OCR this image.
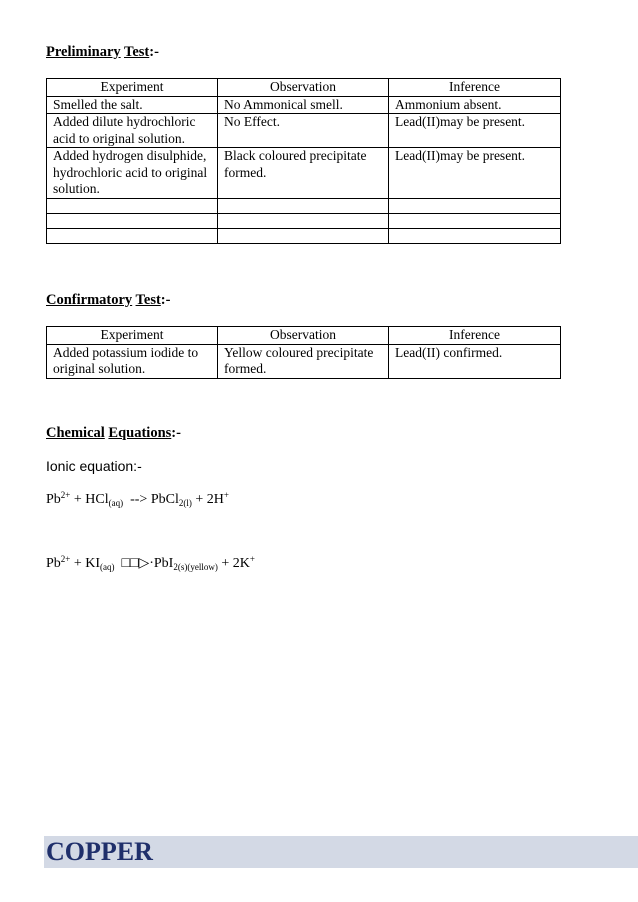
Preliminary Test:-
Experiment	Observation	Inference
Smelled the salt.	No Ammonical smell.	Ammonium absent.
Added dilute hydrochloric acid to original solution.	No Effect.	Lead(II)may be present.
Added hydrogen disulphide, hydrochloric acid to original solution.	Black coloured precipitate formed.	Lead(II)may be present.

Confirmatory Test:-
Experiment	Observation	Inference
Added potassium iodide to original solution.	Yellow coloured precipitate formed.	Lead(II) confirmed.
Chemical Equations:-
Ionic equation:-
$Pb^{2+} + HCl_{(aq)}$  --> PbCl$_{2(l)}$ + 2H+
$Pb^{2+} + KI_{(aq)}$  □□▷·PbI$_{2(s)(yellow)}$ + 2K+
COPPER
